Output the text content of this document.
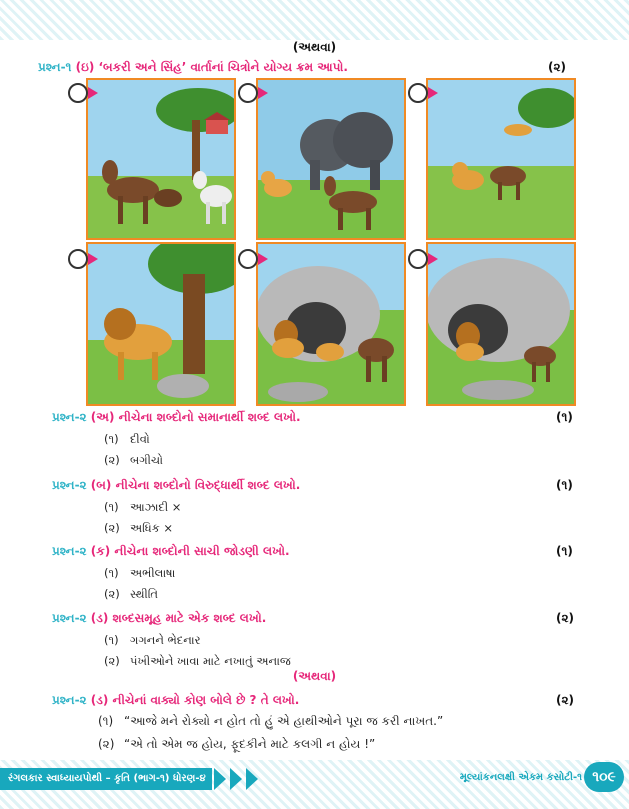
(અથવા)
પ્રશ્ન-૧ (ઇ) ‘બકરી અને સિંહ’ વાર્તાનાં ચિત્રોને યોગ્ય ક્રમ આપો.	(૨)
પ્રશ્ન-૨ (અ) નીચેના શબ્દોનો સમાનાર્થી શબ્દ લખો.	(૧)
(૧) દીવો
(૨) બગીચો
પ્રશ્ન-૨ (બ) નીચેના શબ્દોનો વિરુદ્ધાર્થી શબ્દ લખો.	(૧)
(૧) આઝાદી ×
(૨) અધિક ×
પ્રશ્ન-૨ (ક) નીચેના શબ્દોની સાચી જોડણી લખો.	(૧)
(૧) અભીલાષા
(૨) સ્થીતિ
પ્રશ્ન-૨ (ડ) શબ્દસમૂહ માટે એક શબ્દ લખો.	(૨)
(૧) ગગનને ભેદનાર
(૨) પંખીઓને ખાવા માટે નખાતું અનાજ
(અથવા)
પ્રશ્ન-૨ (ડ) નીચેનાં વાક્યો કોણ બોલે છે ? તે લખો.	(૨)
(૧) “આજે મને રોક્યો ન હોત તો હું એ હાથીઓને પૂરા જ કરી નાખત.”
(૨) “એ તો એમ જ હોય, ફૂદકીને માટે કલગી ન હોય !”
રંગલકાર સ્વાધ્યાયપોથી – કૃતિ (ભાગ-૧) ધોરણ-૪	મૂલ્યાંકનલક્ષી એકમ કસોટી-૧ ૧૦૯
